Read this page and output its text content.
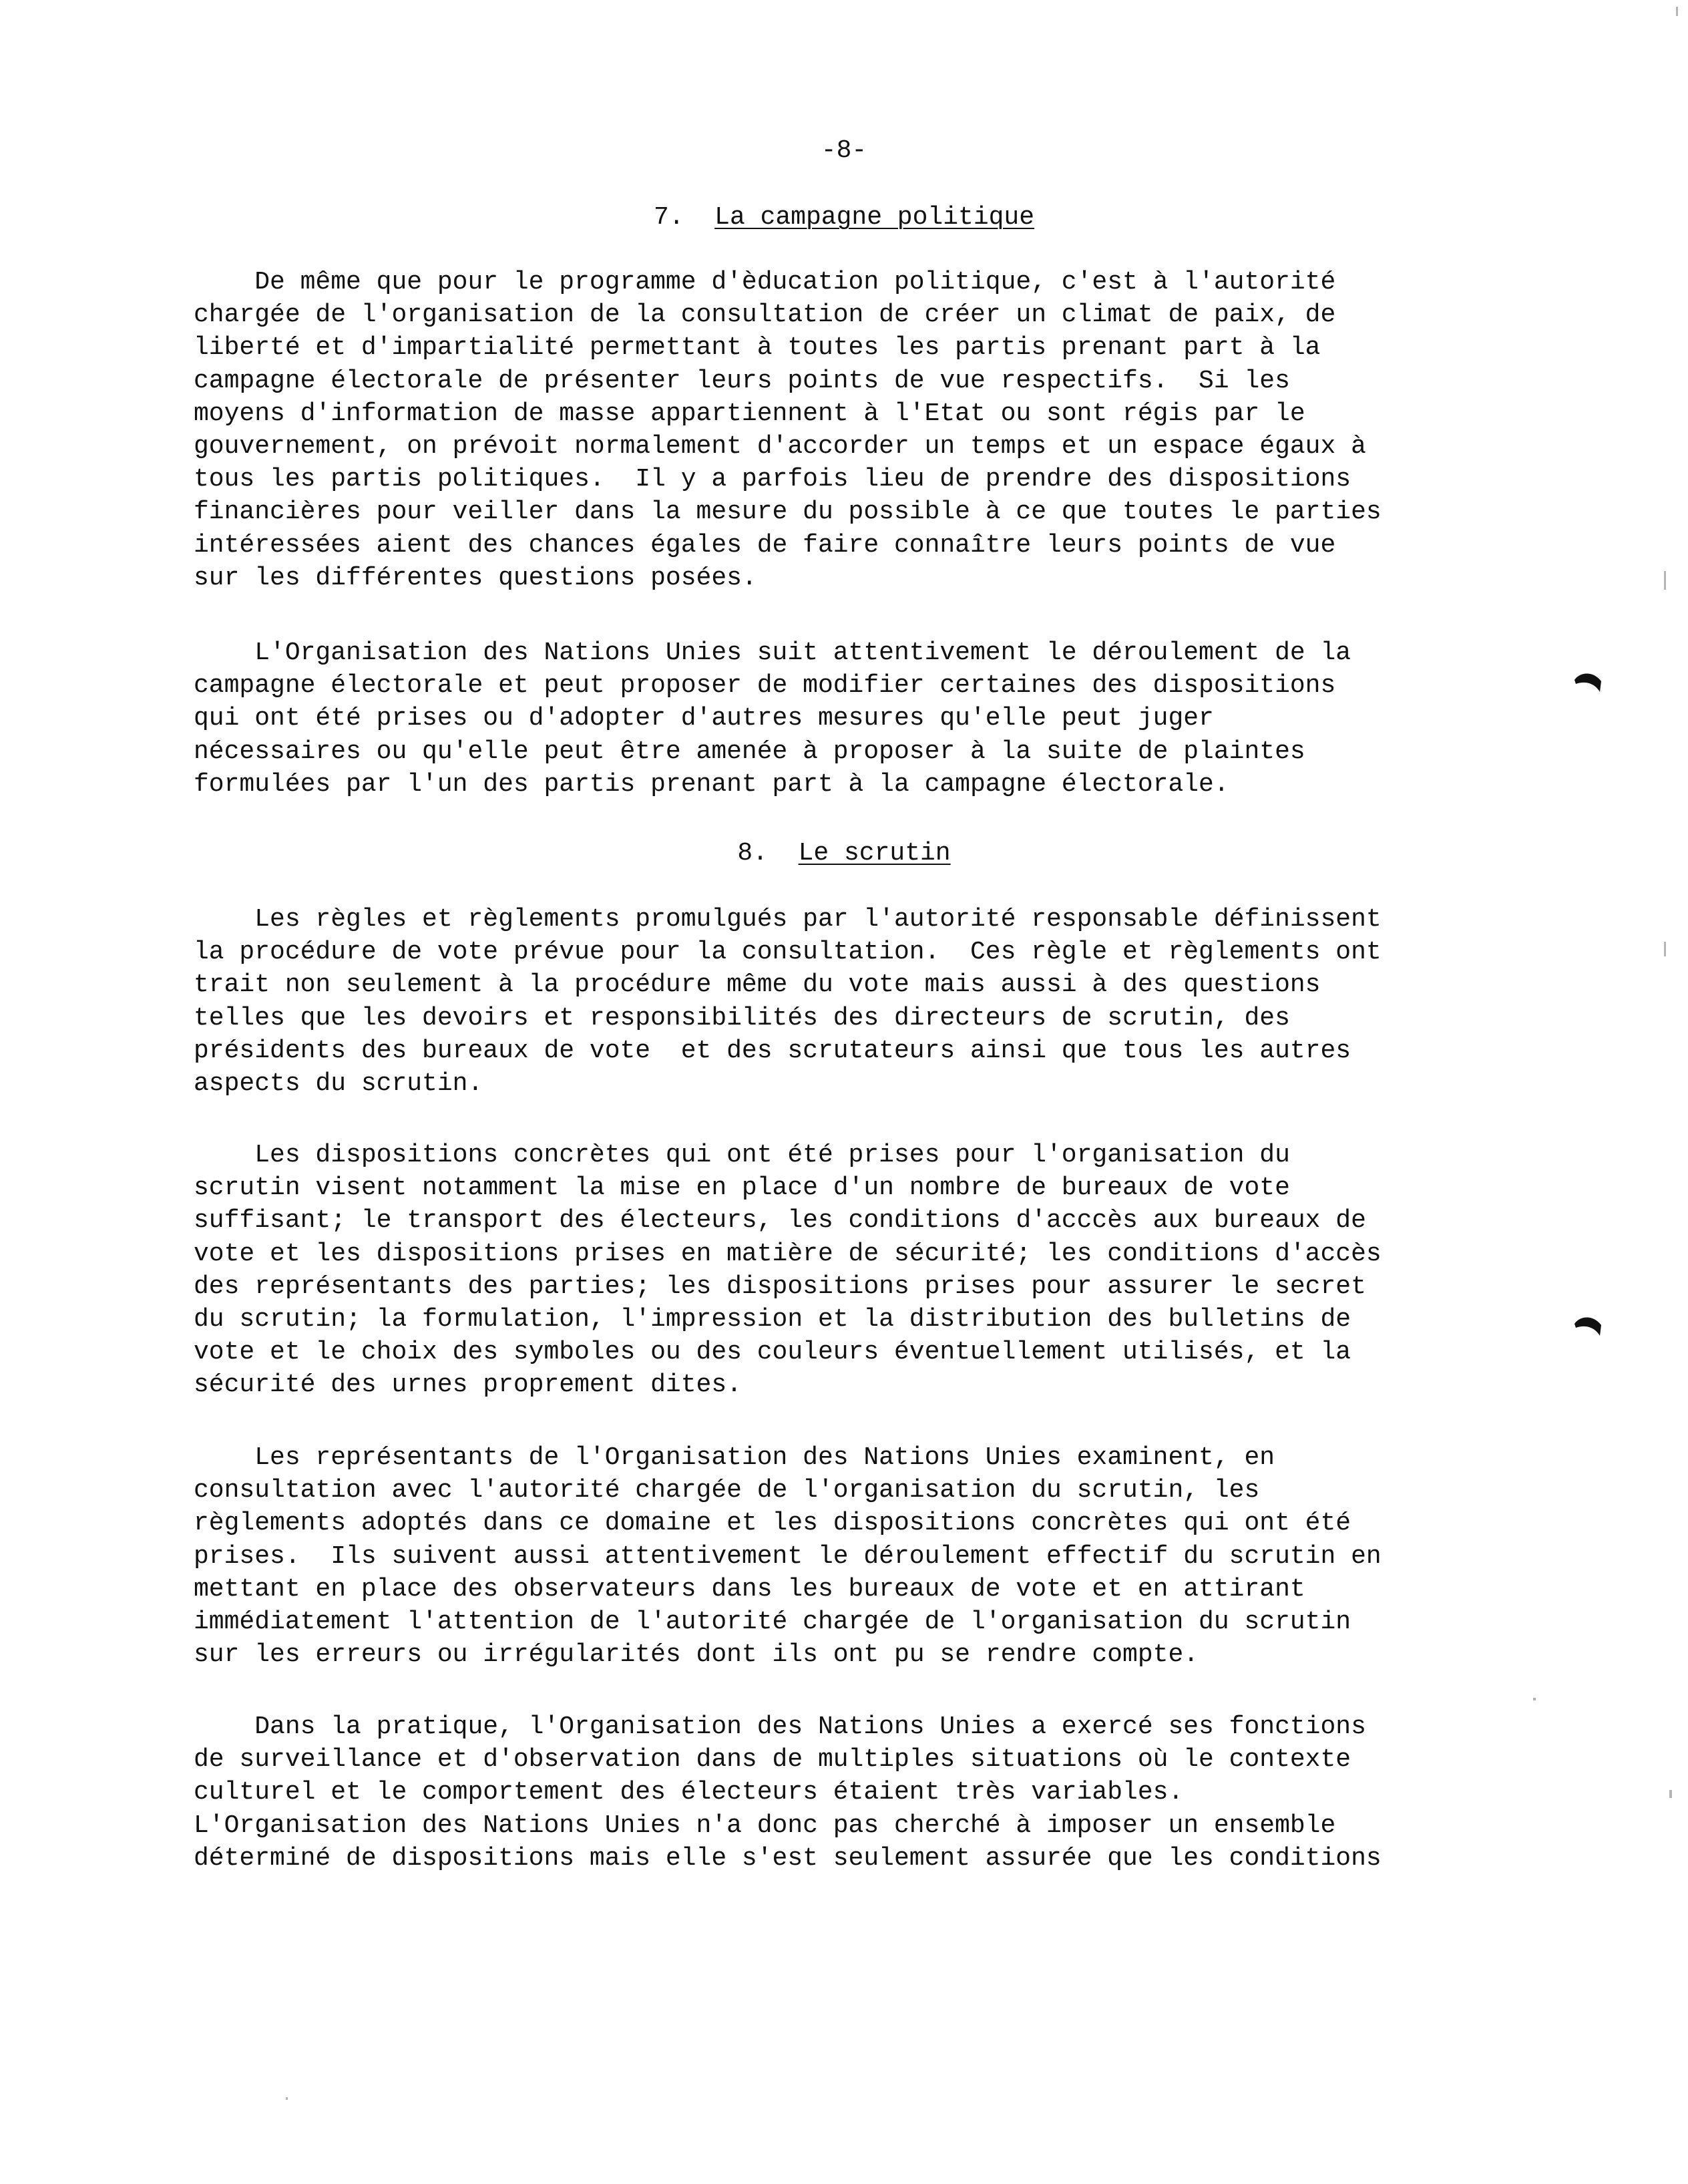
-8-
7. La campagne politique
De même que pour le programme d'èducation politique, c'est à l'autorité
chargée de l'organisation de la consultation de créer un climat de paix, de
liberté et d'impartialité permettant à toutes les partis prenant part à la
campagne électorale de présenter leurs points de vue respectifs.  Si les
moyens d'information de masse appartiennent à l'Etat ou sont régis par le
gouvernement, on prévoit normalement d'accorder un temps et un espace égaux à
tous les partis politiques.  Il y a parfois lieu de prendre des dispositions
financières pour veiller dans la mesure du possible à ce que toutes le parties
intéressées aient des chances égales de faire connaître leurs points de vue
sur les différentes questions posées.
L'Organisation des Nations Unies suit attentivement le déroulement de la
campagne électorale et peut proposer de modifier certaines des dispositions
qui ont été prises ou d'adopter d'autres mesures qu'elle peut juger
nécessaires ou qu'elle peut être amenée à proposer à la suite de plaintes
formulées par l'un des partis prenant part à la campagne électorale.
8. Le scrutin
Les règles et règlements promulgués par l'autorité responsable définissent
la procédure de vote prévue pour la consultation.  Ces règle et règlements ont
trait non seulement à la procédure même du vote mais aussi à des questions
telles que les devoirs et responsibilités des directeurs de scrutin, des
présidents des bureaux de vote  et des scrutateurs ainsi que tous les autres
aspects du scrutin.
Les dispositions concrètes qui ont été prises pour l'organisation du
scrutin visent notamment la mise en place d'un nombre de bureaux de vote
suffisant; le transport des électeurs, les conditions d'acccès aux bureaux de
vote et les dispositions prises en matière de sécurité; les conditions d'accès
des représentants des parties; les dispositions prises pour assurer le secret
du scrutin; la formulation, l'impression et la distribution des bulletins de
vote et le choix des symboles ou des couleurs éventuellement utilisés, et la
sécurité des urnes proprement dites.
Les représentants de l'Organisation des Nations Unies examinent, en
consultation avec l'autorité chargée de l'organisation du scrutin, les
règlements adoptés dans ce domaine et les dispositions concrètes qui ont été
prises.  Ils suivent aussi attentivement le déroulement effectif du scrutin en
mettant en place des observateurs dans les bureaux de vote et en attirant
immédiatement l'attention de l'autorité chargée de l'organisation du scrutin
sur les erreurs ou irrégularités dont ils ont pu se rendre compte.
Dans la pratique, l'Organisation des Nations Unies a exercé ses fonctions
de surveillance et d'observation dans de multiples situations où le contexte
culturel et le comportement des électeurs étaient très variables.
L'Organisation des Nations Unies n'a donc pas cherché à imposer un ensemble
déterminé de dispositions mais elle s'est seulement assurée que les conditions
